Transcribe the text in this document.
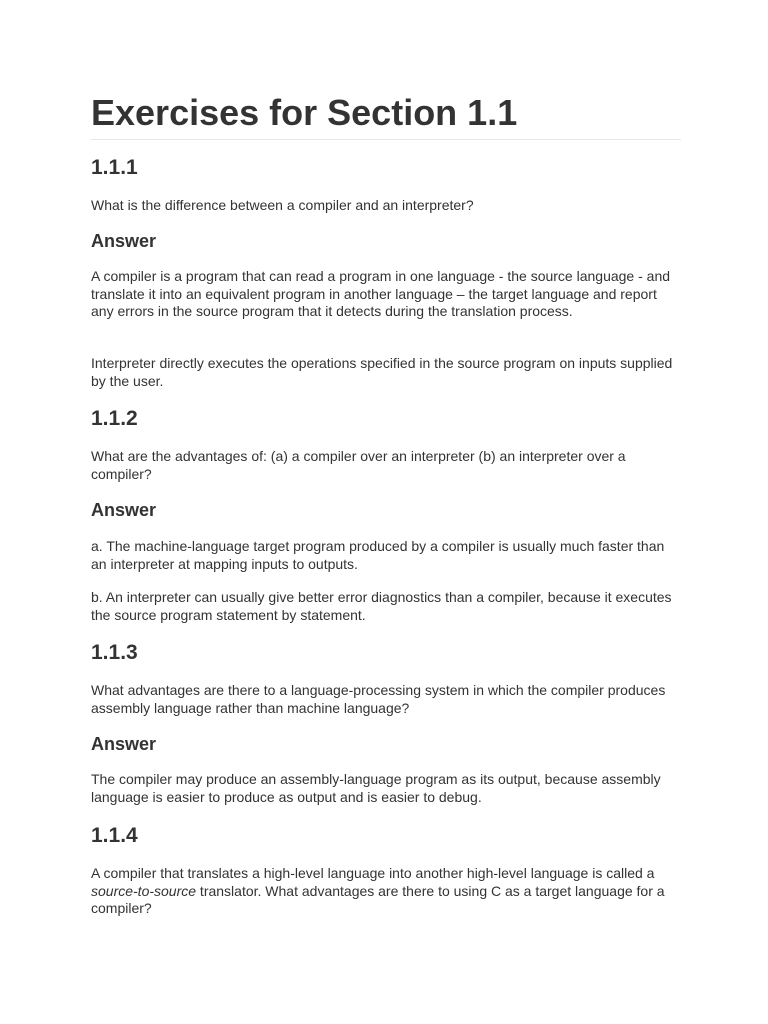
Exercises for Section 1.1
1.1.1

What is the difference between a compiler and an interpreter?

Answer

A compiler is a program that can read a program in one language - the source language - and translate it into an equivalent program in another language – the target language and report any errors in the source program that it detects during the translation process.

Interpreter directly executes the operations specified in the source program on inputs supplied by the user.

1.1.2

What are the advantages of: (a) a compiler over an interpreter (b) an interpreter over a compiler?

Answer

a. The machine-language target program produced by a compiler is usually much faster than an interpreter at mapping inputs to outputs.

b. An interpreter can usually give better error diagnostics than a compiler, because it executes the source program statement by statement.

1.1.3

What advantages are there to a language-processing system in which the compiler produces assembly language rather than machine language?

Answer

The compiler may produce an assembly-language program as its output, because assembly language is easier to produce as output and is easier to debug.

1.1.4

A compiler that translates a high-level language into another high-level language is called a source-to-source translator. What advantages are there to using C as a target language for a compiler?
